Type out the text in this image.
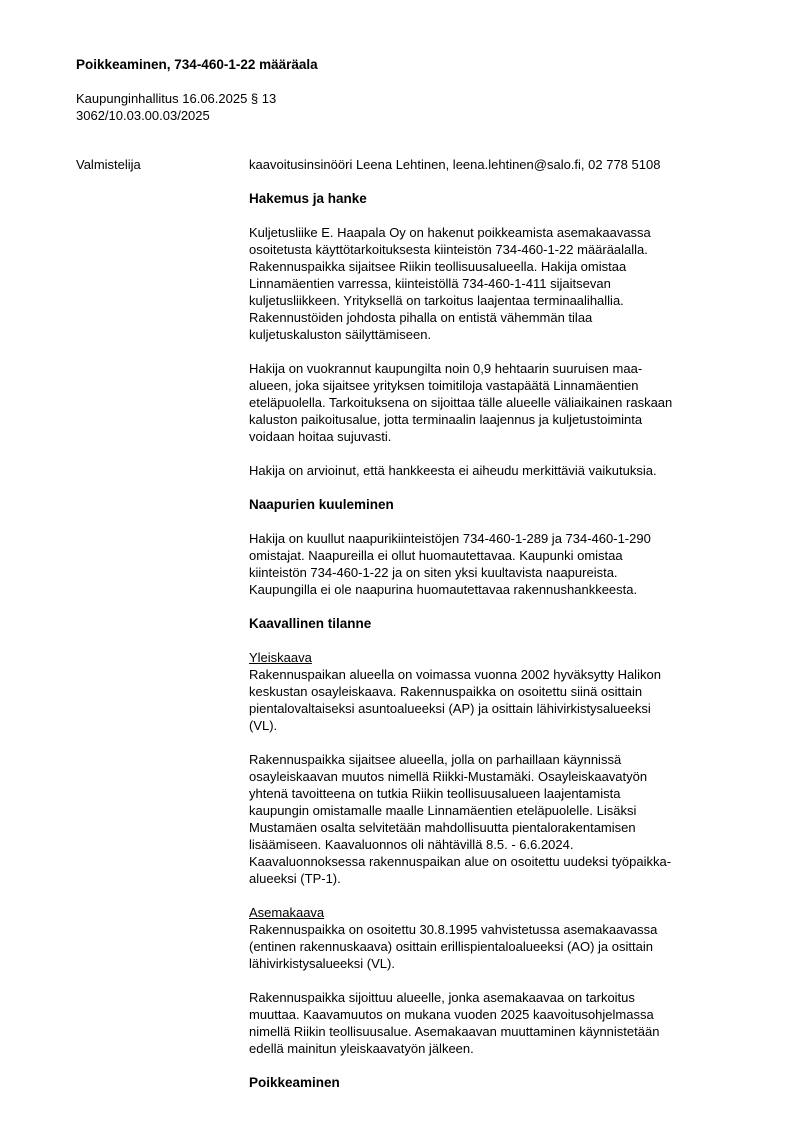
Poikkeaminen, 734-460-1-22 määräala
Kaupunginhallitus 16.06.2025 § 13
3062/10.03.00.03/2025
Valmistelija	kaavoitusinsinööri Leena Lehtinen, leena.lehtinen@salo.fi, 02 778 5108

Hakemus ja hanke

Kuljetusliike E. Haapala Oy on hakenut poikkeamista asemakaavassa
osoitetusta käyttötarkoituksesta kiinteistön 734-460-1-22 määräalalla.
Rakennuspaikka sijaitsee Riikin teollisuusalueella. Hakija omistaa
Linnamäentien varressa, kiinteistöllä 734-460-1-411 sijaitsevan
kuljetusliikkeen. Yrityksellä on tarkoitus laajentaa terminaalihallia.
Rakennustöiden johdosta pihalla on entistä vähemmän tilaa
kuljetuskaluston säilyttämiseen.

Hakija on vuokrannut kaupungilta noin 0,9 hehtaarin suuruisen maa-
alueen, joka sijaitsee yrityksen toimitiloja vastapäätä Linnamäentien
eteläpuolella. Tarkoituksena on sijoittaa tälle alueelle väliaikainen raskaan
kaluston paikoitusalue, jotta terminaalin laajennus ja kuljetustoiminta
voidaan hoitaa sujuvasti.

Hakija on arvioinut, että hankkeesta ei aiheudu merkittäviä vaikutuksia.

Naapurien kuuleminen

Hakija on kuullut naapurikiinteistöjen 734-460-1-289 ja 734-460-1-290
omistajat. Naapureilla ei ollut huomautettavaa. Kaupunki omistaa
kiinteistön 734-460-1-22 ja on siten yksi kuultavista naapureista.
Kaupungilla ei ole naapurina huomautettavaa rakennushankkeesta.

Kaavallinen tilanne

Yleiskaava

Rakennuspaikan alueella on voimassa vuonna 2002 hyväksytty Halikon
keskustan osayleiskaava. Rakennuspaikka on osoitettu siinä osittain
pientalovaltaiseksi asuntoalueeksi (AP) ja osittain lähivirkistysalueeksi
(VL).

Rakennuspaikka sijaitsee alueella, jolla on parhaillaan käynnissä
osayleiskaavan muutos nimellä Riikki-Mustamäki. Osayleiskaavatyön
yhtenä tavoitteena on tutkia Riikin teollisuusalueen laajentamista
kaupungin omistamalle maalle Linnamäentien eteläpuolelle. Lisäksi
Mustamäen osalta selvitetään mahdollisuutta pientalorakentamisen
lisäämiseen. Kaavaluonnos oli nähtävillä 8.5. - 6.6.2024.
Kaavaluonnoksessa rakennuspaikan alue on osoitettu uudeksi työpaikka-
alueeksi (TP-1).

Asemakaava

Rakennuspaikka on osoitettu 30.8.1995 vahvistetussa asemakaavassa
(entinen rakennuskaava) osittain erillispientaloalueeksi (AO) ja osittain
lähivirkistysalueeksi (VL).

Rakennuspaikka sijoittuu alueelle, jonka asemakaavaa on tarkoitus
muuttaa. Kaavamuutos on mukana vuoden 2025 kaavoitusohjelmassa
nimellä Riikin teollisuusalue. Asemakaavan muuttaminen käynnistetään
edellä mainitun yleiskaavatyön jälkeen.

Poikkeaminen
